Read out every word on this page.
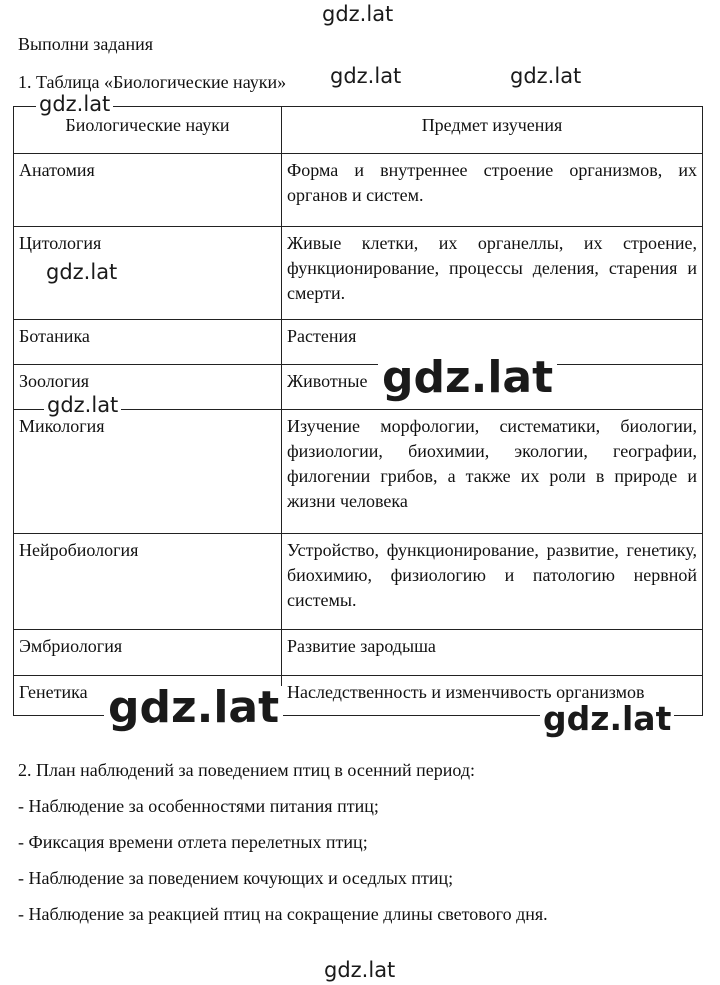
Выполни задания
1. Таблица «Биологические науки»
Биологические науки	Предмет изучения
Анатомия	Форма и внутреннее строение организмов, их органов и систем.
Цитология	Живые клетки, их органеллы, их строение, функционирование, процессы деления, старения и смерти.
Ботаника	Растения
Зоология	Животные
Микология	Изучение морфологии, систематики, биологии, физиологии, биохимии, экологии, географии, филогении грибов, а также их роли в природе и жизни человека
Нейробиология	Устройство, функционирование, развитие, генетику, биохимию, физиологию и патологию нервной системы.
Эмбриология	Развитие зародыша
Генетика	Наследственность и изменчивость организмов

2. План наблюдений за поведением птиц в осенний период:

- Наблюдение за особенностями питания птиц;

- Фиксация времени отлета перелетных птиц;

- Наблюдение за поведением кочующих и оседлых птиц;

- Наблюдение за реакцией птиц на сокращение длины светового дня.

gdz.lat
gdz.lat	gdz.lat
gdz.lat
gdz.lat
gdz.lat
gdz.lat
gdz.lat	gdz.lat
gdz.lat
